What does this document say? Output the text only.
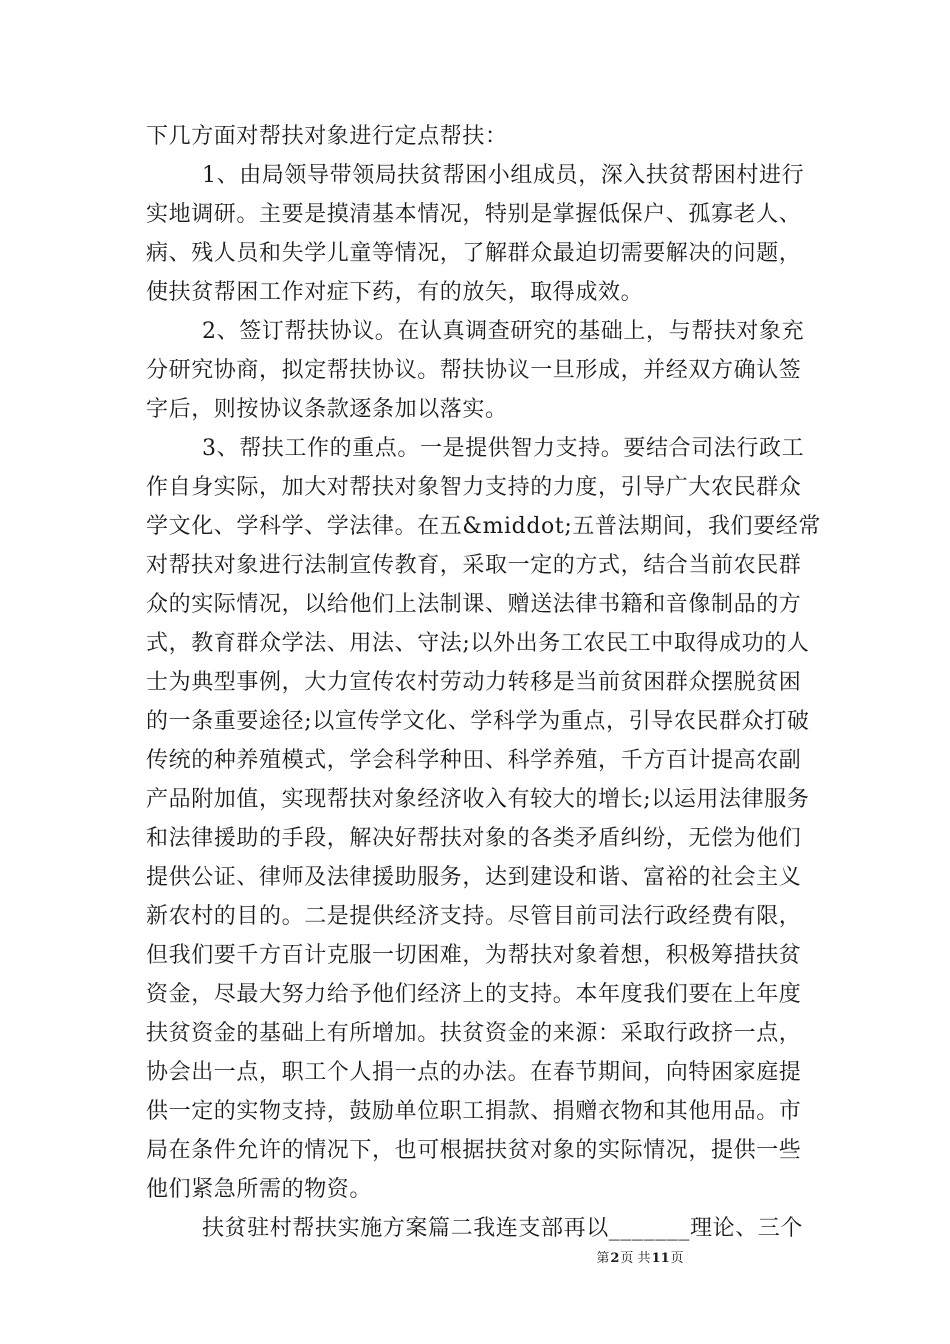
下几方面对帮扶对象进行定点帮扶：
1、由局领导带领局扶贫帮困小组成员，深入扶贫帮困村进行
实地调研。主要是摸清基本情况，特别是掌握低保户、孤寡老人、
病、残人员和失学儿童等情况，了解群众最迫切需要解决的问题，
使扶贫帮困工作对症下药，有的放矢，取得成效。
2、签订帮扶协议。在认真调查研究的基础上，与帮扶对象充
分研究协商，拟定帮扶协议。帮扶协议一旦形成，并经双方确认签
字后，则按协议条款逐条加以落实。
3、帮扶工作的重点。一是提供智力支持。要结合司法行政工
作自身实际，加大对帮扶对象智力支持的力度，引导广大农民群众
学文化、学科学、学法律。在五&middot;五普法期间，我们要经常
对帮扶对象进行法制宣传教育，采取一定的方式，结合当前农民群
众的实际情况，以给他们上法制课、赠送法律书籍和音像制品的方
式，教育群众学法、用法、守法;以外出务工农民工中取得成功的人
士为典型事例，大力宣传农村劳动力转移是当前贫困群众摆脱贫困
的一条重要途径;以宣传学文化、学科学为重点，引导农民群众打破
传统的种养殖模式，学会科学种田、科学养殖，千方百计提高农副
产品附加值，实现帮扶对象经济收入有较大的增长;以运用法律服务
和法律援助的手段，解决好帮扶对象的各类矛盾纠纷，无偿为他们
提供公证、律师及法律援助服务，达到建设和谐、富裕的社会主义
新农村的目的。二是提供经济支持。尽管目前司法行政经费有限，
但我们要千方百计克服一切困难，为帮扶对象着想，积极筹措扶贫
资金，尽最大努力给予他们经济上的支持。本年度我们要在上年度
扶贫资金的基础上有所增加。扶贫资金的来源：采取行政挤一点，
协会出一点，职工个人捐一点的办法。在春节期间，向特困家庭提
供一定的实物支持，鼓励单位职工捐款、捐赠衣物和其他用品。市
局在条件允许的情况下，也可根据扶贫对象的实际情况，提供一些
他们紧急所需的物资。
扶贫驻村帮扶实施方案篇二我连支部再以_______理论、三个
第2页 共11页
